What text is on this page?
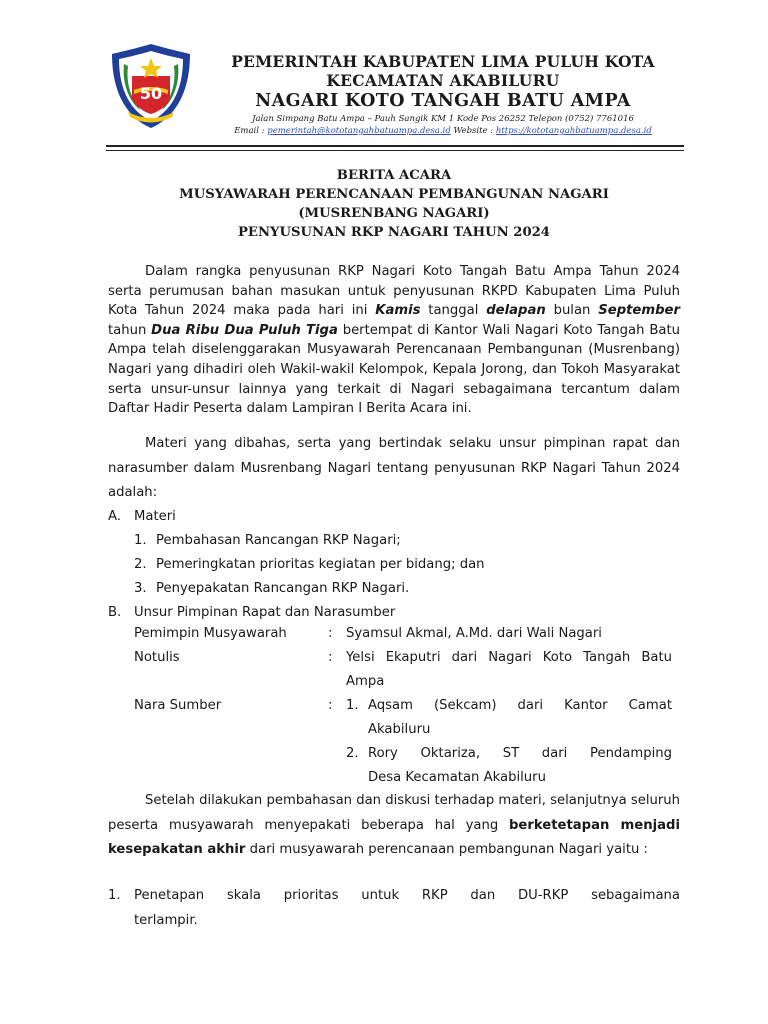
50
PEMERINTAH KABUPATEN LIMA PULUH KOTA
KECAMATAN AKABILURU
NAGARI KOTO TANGAH BATU AMPA
Jalan Simpang Batu Ampa – Pauh Sangik KM 1 Kode Pos 26252 Telepon (0752) 7761016
Email : pemerintah@kototangahbatuampa.desa.id Website : https://kototangahbatuampa.desa.id
BERITA ACARA
MUSYAWARAH PERENCANAAN PEMBANGUNAN NAGARI
(MUSRENBANG NAGARI)
PENYUSUNAN RKP NAGARI TAHUN 2024
Dalam rangka penyusunan RKP Nagari Koto Tangah Batu Ampa Tahun 2024 serta perumusan bahan masukan untuk penyusunan RKPD Kabupaten Lima Puluh Kota Tahun 2024 maka pada hari ini Kamis tanggal delapan bulan September tahun Dua Ribu Dua Puluh Tiga bertempat di Kantor Wali Nagari Koto Tangah Batu Ampa telah diselenggarakan Musyawarah Perencanaan Pembangunan (Musrenbang) Nagari yang dihadiri oleh Wakil-wakil Kelompok, Kepala Jorong, dan Tokoh Masyarakat serta unsur-unsur lainnya yang terkait di Nagari sebagaimana tercantum dalam Daftar Hadir Peserta dalam Lampiran I Berita Acara ini.
Materi yang dibahas, serta yang bertindak selaku unsur pimpinan rapat dan narasumber dalam Musrenbang Nagari tentang penyusunan RKP Nagari Tahun 2024 adalah:
A. Materi
1. Pembahasan Rancangan RKP Nagari;
2. Pemeringkatan prioritas kegiatan per bidang; dan
3. Penyepakatan Rancangan RKP Nagari.
B. Unsur Pimpinan Rapat dan Narasumber
Pemimpin Musyawarah	: Syamsul Akmal, A.Md. dari Wali Nagari
Notulis	: Yelsi Ekaputri dari Nagari Koto Tangah Batu Ampa
Nara Sumber	: 1. Aqsam (Sekcam) dari Kantor Camat
Akabiluru
2. Rory Oktariza, ST dari Pendamping
Desa Kecamatan Akabiluru
Setelah dilakukan pembahasan dan diskusi terhadap materi, selanjutnya seluruh peserta musyawarah menyepakati beberapa hal yang berketetapan menjadi kesepakatan akhir dari musyawarah perencanaan pembangunan Nagari yaitu :
1. Penetapan skala prioritas untuk RKP dan DU-RKP sebagaimana
terlampir.
